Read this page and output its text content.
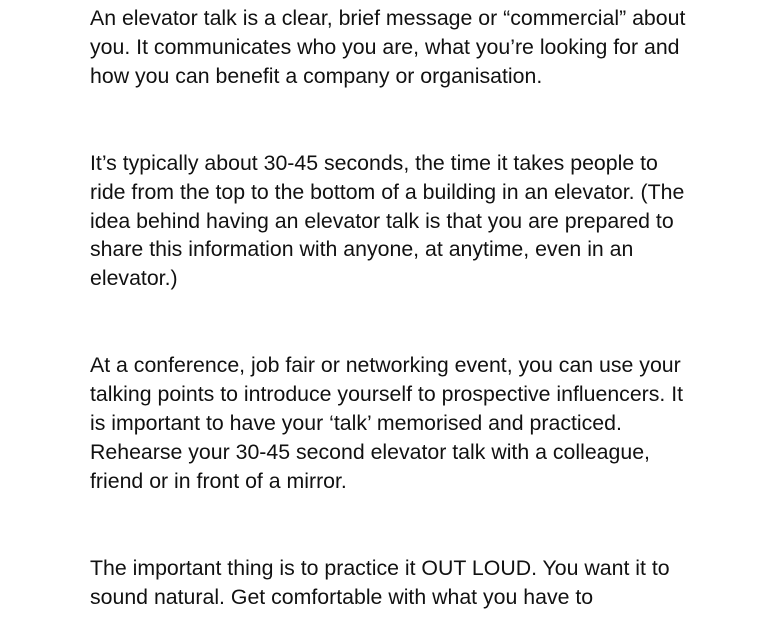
An elevator talk is a clear, brief message or “commercial” about you. It communicates who you are, what you’re looking for and how you can benefit a company or organisation.

It’s typically about 30-45 seconds, the time it takes people to ride from the top to the bottom of a building in an elevator. (The idea behind having an elevator talk is that you are prepared to share this information with anyone, at anytime, even in an elevator.)

At a conference, job fair or networking event, you can use your talking points to introduce yourself to prospective influencers. It is important to have your ‘talk’ memorised and practiced. Rehearse your 30-45 second elevator talk with a colleague, friend or in front of a mirror.

The important thing is to practice it OUT LOUD. You want it to sound natural. Get comfortable with what you have to
